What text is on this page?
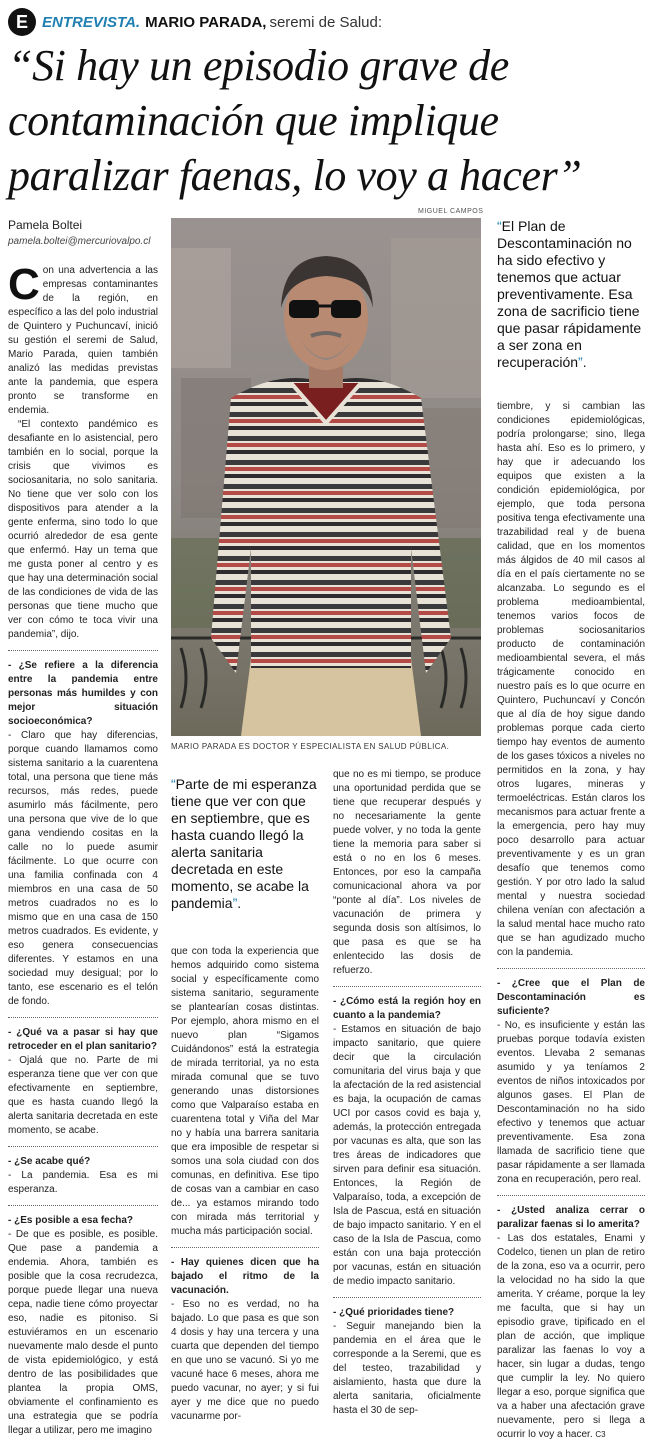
E ENTREVISTA. MARIO PARADA, seremi de Salud:
“Si hay un episodio grave de
contaminación que implique
paralizar faenas, lo voy a hacer”
Pamela Boltei
pamela.boltei@mercuriovalpo.cl
MIGUEL CAMPOS
MARIO PARADA ES DOCTOR Y ESPECIALISTA EN SALUD PÚBLICA.
“El Plan de Descontaminación no ha sido efectivo y tenemos que actuar preventivamente. Esa zona de sacrificio tiene que pasar rápidamente a ser zona en recuperación”.
“Parte de mi esperanza tiene que ver con que en septiembre, que es hasta cuando llegó la alerta sanitaria decretada en este momento, se acabe la pandemia”.

Con una advertencia a las empresas contaminantes de la región, en específico a las del polo industrial de Quintero y Puchuncaví, inició su gestión el seremi de Salud, Mario Parada, quien también analizó las medidas previstas ante la pandemia, que espera pronto se transforme en endemia.

“El contexto pandémico es desafiante en lo asistencial, pero también en lo social, porque la crisis que vivimos es sociosanitaria, no solo sanitaria. No tiene que ver solo con los dispositivos para atender a la gente enferma, sino todo lo que ocurrió alrededor de esa gente que enfermó. Hay un tema que me gusta poner al centro y es que hay una determinación social de las condiciones de vida de las personas que tiene mucho que ver con cómo te toca vivir una pandemia”, dijo.

- ¿Se refiere a la diferencia entre la pandemia entre personas más humildes y con mejor situación socioeconómica?

- Claro que hay diferencias, porque cuando llamamos como sistema sanitario a la cuarentena total, una persona que tiene más recursos, más redes, puede asumirlo más fácilmente, pero una persona que vive de lo que gana vendiendo cositas en la calle no lo puede asumir fácilmente. Lo que ocurre con una familia confinada con 4 miembros en una casa de 50 metros cuadrados no es lo mismo que en una casa de 150 metros cuadrados. Es evidente, y eso genera consecuencias diferentes. Y estamos en una sociedad muy desigual; por lo tanto, ese escenario es el telón de fondo.

- ¿Qué va a pasar si hay que retroceder en el plan sanitario?

- Ojalá que no. Parte de mi esperanza tiene que ver con que efectivamente en septiembre, que es hasta cuando llegó la alerta sanitaria decretada en este momento, se acabe.

- ¿Se acabe qué?

- La pandemia. Esa es mi esperanza.

- ¿Es posible a esa fecha?

- De que es posible, es posible. Que pase a pandemia a endemia. Ahora, también es posible que la cosa recrudezca, porque puede llegar una nueva cepa, nadie tiene cómo proyectar eso, nadie es pitoniso. Si estuviéramos en un escenario nuevamente malo desde el punto de vista epidemiológico, y está dentro de las posibilidades que plantea la propia OMS, obviamente el confinamiento es una estrategia que se podría llegar a utilizar, pero me imagino

que con toda la experiencia que hemos adquirido como sistema social y específicamente como sistema sanitario, seguramente se plantearían cosas distintas. Por ejemplo, ahora mismo en el nuevo plan “Sigamos Cuidándonos” está la estrategia de mirada territorial, ya no esta mirada comunal que se tuvo generando unas distorsiones como que Valparaíso estaba en cuarentena total y Viña del Mar no y había una barrera sanitaria que era imposible de respetar si somos una sola ciudad con dos comunas, en definitiva. Ese tipo de cosas van a cambiar en caso de... ya estamos mirando todo con mirada más territorial y mucha más participación social.

- Hay quienes dicen que ha bajado el ritmo de la vacunación.

- Eso no es verdad, no ha bajado. Lo que pasa es que son 4 dosis y hay una tercera y una cuarta que dependen del tiempo en que uno se vacunó. Si yo me vacuné hace 6 meses, ahora me puedo vacunar, no ayer; y si fui ayer y me dice que no puedo vacunarme por-

que no es mi tiempo, se produce una oportunidad perdida que se tiene que recuperar después y no necesariamente la gente puede volver, y no toda la gente tiene la memoria para saber si está o no en los 6 meses. Entonces, por eso la campaña comunicacional ahora va por “ponte al día”. Los niveles de vacunación de primera y segunda dosis son altísimos, lo que pasa es que se ha enlentecido las dosis de refuerzo.

- ¿Cómo está la región hoy en cuanto a la pandemia?

- Estamos en situación de bajo impacto sanitario, que quiere decir que la circulación comunitaria del virus baja y que la afectación de la red asistencial es baja, la ocupación de camas UCI por casos covid es baja y, además, la protección entregada por vacunas es alta, que son las tres áreas de indicadores que sirven para definir esa situación. Entonces, la Región de Valparaíso, toda, a excepción de Isla de Pascua, está en situación de bajo impacto sanitario. Y en el caso de la Isla de Pascua, como están con una baja protección por vacunas, están en situación de medio impacto sanitario.

- ¿Qué prioridades tiene?

- Seguir manejando bien la pandemia en el área que le corresponde a la Seremi, que es del testeo, trazabilidad y aislamiento, hasta que dure la alerta sanitaria, oficialmente hasta el 30 de sep-

tiembre, y si cambian las condiciones epidemiológicas, podría prolongarse; sino, llega hasta ahí. Eso es lo primero, y hay que ir adecuando los equipos que existen a la condición epidemiológica, por ejemplo, que toda persona positiva tenga efectivamente una trazabilidad real y de buena calidad, que en los momentos más álgidos de 40 mil casos al día en el país ciertamente no se alcanzaba. Lo segundo es el problema medioambiental, tenemos varios focos de problemas sociosanitarios producto de contaminación medioambiental severa, el más trágicamente conocido en nuestro país es lo que ocurre en Quintero, Puchuncaví y Concón que al día de hoy sigue dando problemas porque cada cierto tiempo hay eventos de aumento de los gases tóxicos a niveles no permitidos en la zona, y hay otros lugares, mineras y termoeléctricas. Están claros los mecanismos para actuar frente a la emergencia, pero hay muy poco desarrollo para actuar preventivamente y es un gran desafío que tenemos como gestión. Y por otro lado la salud mental y nuestra sociedad chilena venían con afectación a la salud mental hace mucho rato que se han agudizado mucho con la pandemia.

- ¿Cree que el Plan de Descontaminación es suficiente?

- No, es insuficiente y están las pruebas porque todavía existen eventos. Llevaba 2 semanas asumido y ya teníamos 2 eventos de niños intoxicados por algunos gases. El Plan de Descontaminación no ha sido efectivo y tenemos que actuar preventivamente. Esa zona llamada de sacrificio tiene que pasar rápidamente a ser llamada zona en recuperación, pero real.

- ¿Usted analiza cerrar o paralizar faenas si lo amerita?

- Las dos estatales, Enami y Codelco, tienen un plan de retiro de la zona, eso va a ocurrir, pero la velocidad no ha sido la que amerita. Y créame, porque la ley me faculta, que si hay un episodio grave, tipificado en el plan de acción, que implique paralizar las faenas lo voy a hacer, sin lugar a dudas, tengo que cumplir la ley. No quiero llegar a eso, porque significa que va a haber una afectación grave nuevamente, pero si llega a ocurrir lo voy a hacer. C3
